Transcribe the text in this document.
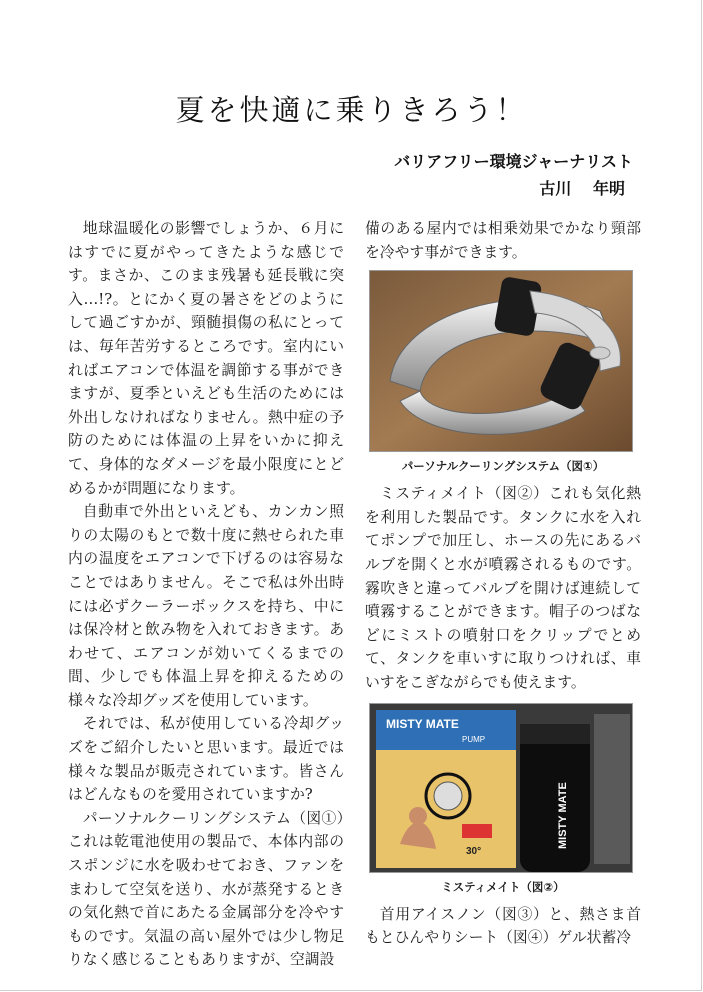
夏を快適に乗りきろう！
バリアフリー環境ジャーナリスト
古川 年明

地球温暖化の影響でしょうか、６月にはすでに夏がやってきたような感じです。まさか、このまま残暑も延長戦に突入…!?。とにかく夏の暑さをどのようにして過ごすかが、頸髄損傷の私にとっては、毎年苦労するところです。室内にいればエアコンで体温を調節する事ができますが、夏季といえども生活のためには外出しなければなりません。熱中症の予防のためには体温の上昇をいかに抑えて、身体的なダメージを最小限度にとどめるかが問題になります。

自動車で外出といえども、カンカン照りの太陽のもとで数十度に熱せられた車内の温度をエアコンで下げるのは容易なことではありません。そこで私は外出時には必ずクーラーボックスを持ち、中には保冷材と飲み物を入れておきます。あわせて、エアコンが効いてくるまでの間、少しでも体温上昇を抑えるための様々な冷却グッズを使用しています。

それでは、私が使用している冷却グッズをご紹介したいと思います。最近では様々な製品が販売されています。皆さんはどんなものを愛用されていますか?

パーソナルクーリングシステム（図①）これは乾電池使用の製品で、本体内部のスポンジに水を吸わせておき、ファンをまわして空気を送り、水が蒸発するときの気化熱で首にあたる金属部分を冷やすものです。気温の高い屋外では少し物足りなく感じることもありますが、空調設

備のある屋内では相乗効果でかなり頸部を冷やす事ができます。

パーソナルクーリングシステム（図①）

ミスティメイト（図②）これも気化熱を利用した製品です。タンクに水を入れてポンプで加圧し、ホースの先にあるバルブを開くと水が噴霧されるものです。霧吹きと違ってバルブを開けば連続して噴霧することができます。帽子のつばなどにミストの噴射口をクリップでとめて、タンクを車いすに取りつければ、車いすをこぎながらでも使えます。

MISTY MATE
PUMP
30°
MISTY MATE
ミスティメイト（図②）

首用アイスノン（図③）と、熱さま首もとひんやりシート（図④）ゲル状蓄冷
